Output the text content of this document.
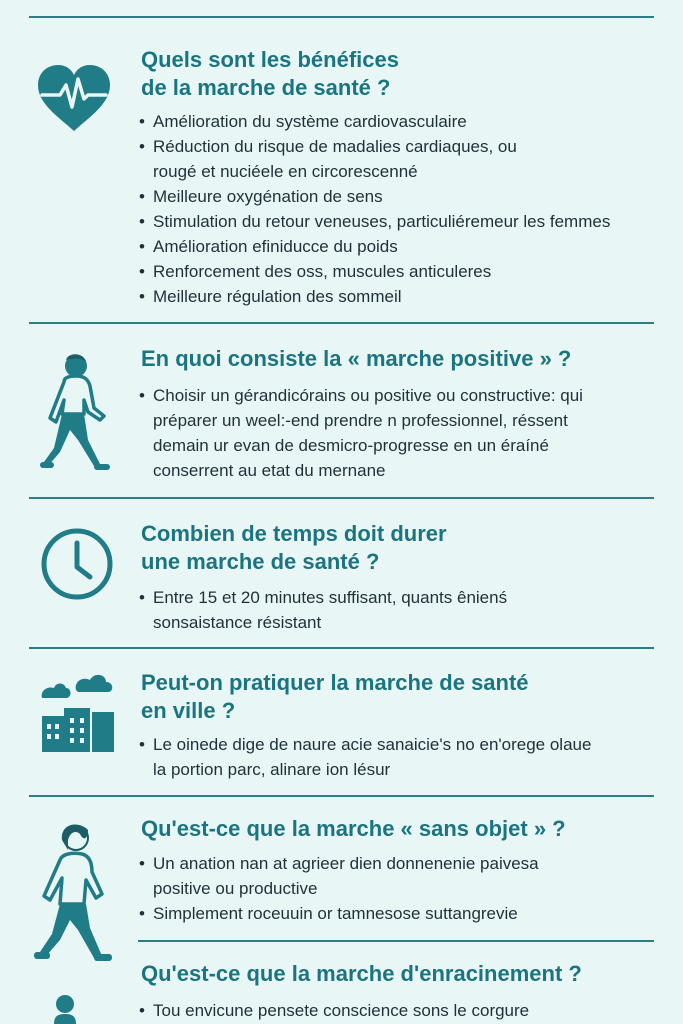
Quels sont les bénéfices
de la marche de santé ?
• Amélioration du système cardiovasculaire
• Réduction du risque de madalies cardiaques, ou
rougé et nuciéele en circorescenné
• Meilleure oxygénation de sens
• Stimulation du retour veneuses, particuliéremeur les femmes
• Amélioration efiniducce du poids
• Renforcement des oss, muscules anticuleres
• Meilleure régulation des sommeil
En quoi consiste la « marche positive » ?
• Choisir un gérandicórains ou positive ou constructive: qui
préparer un weel:-end prendre n professionnel, réssent
demain ur evan de desmicro-progresse en un éraíné
conserrent au etat du mernane
Combien de temps doit durer
une marche de santé ?
• Entre 15 et 20 minutes suffisant, quants ênienś
sonsaistance résistant
Peut-on pratiquer la marche de santé
en ville ?
• Le oinede dige de naure acie sanaicie's no en'orege olaue
la portion parc, alinare ion lésur
Qu'est-ce que la marche « sans objet » ?
• Un anation nan at agrieer dien donnenenie paivesa
positive ou productive
• Simplement roceuuin or tamnesose suttangrevie
Qu'est-ce que la marche d'enracinement ?
• Tou envicune pensete conscience sons le corgure
